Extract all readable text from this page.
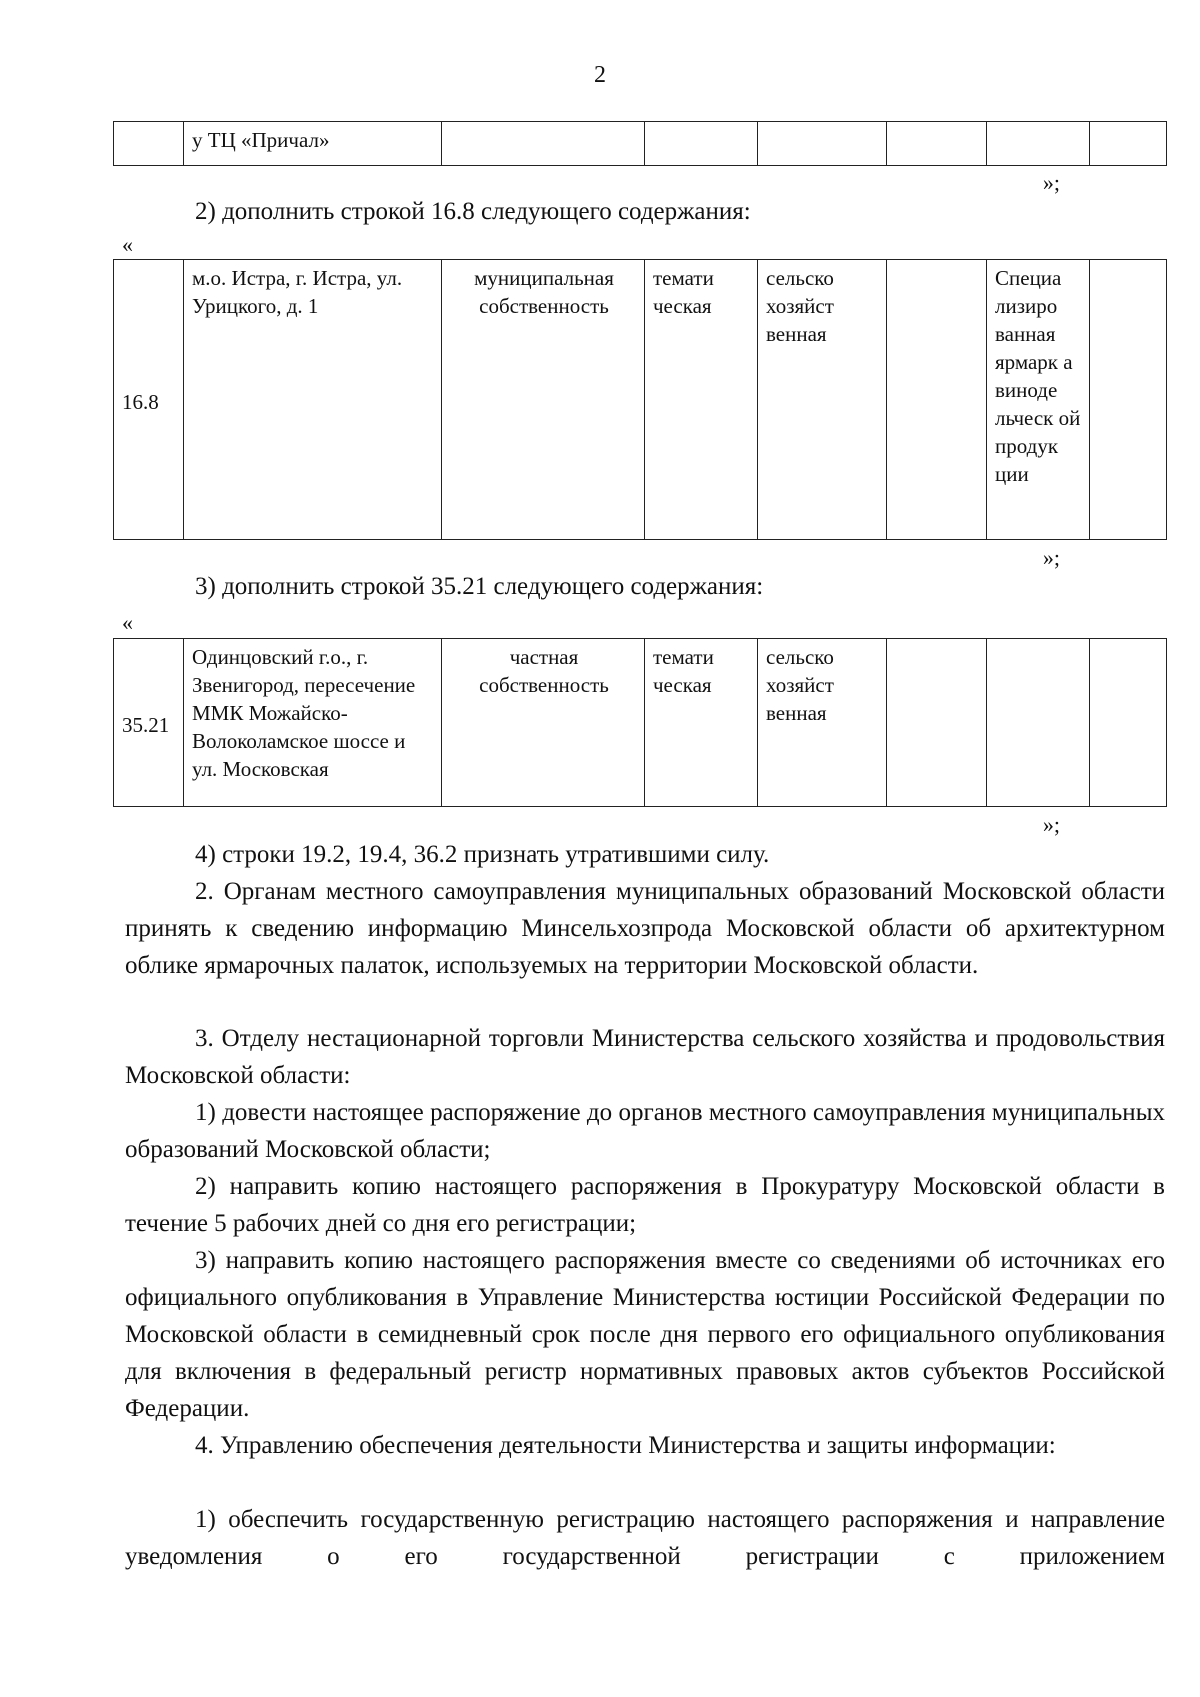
2
	у ТЦ «Причал»						
»;
2) дополнить строкой 16.8 следующего содержания:
«
16.8	м.о. Истра, г. Истра, ул. Урицкого, д. 1	муниципальная собственность	темати ческая	сельско хозяйст венная		Специа лизиро ванная ярмарк а виноде льческ ой продук ции	
»;
3) дополнить строкой 35.21 следующего содержания:
«
35.21	Одинцовский г.о., г. Звенигород, пересечение ММК Можайско-Волоколамское шоссе и ул. Московская	частная собственность	темати ческая	сельско хозяйст венная			
»;
4) строки 19.2, 19.4, 36.2 признать утратившими силу.
2. Органам местного самоуправления муниципальных образований Московской области принять к сведению информацию Минсельхозпрода Московской области об архитектурном облике ярмарочных палаток, используемых на территории Московской области.
3. Отделу нестационарной торговли Министерства сельского хозяйства и продовольствия Московской области:
1) довести настоящее распоряжение до органов местного самоуправления муниципальных образований Московской области;
2) направить копию настоящего распоряжения в Прокуратуру Московской области в течение 5 рабочих дней со дня его регистрации;
3) направить копию настоящего распоряжения вместе со сведениями об источниках его официального опубликования в Управление Министерства юстиции Российской Федерации по Московской области в семидневный срок после дня первого его официального опубликования для включения в федеральный регистр нормативных правовых актов субъектов Российской Федерации.
4. Управлению обеспечения деятельности Министерства и защиты информации:
1) обеспечить государственную регистрацию настоящего распоряжения и направление уведомления о его государственной регистрации с приложением
